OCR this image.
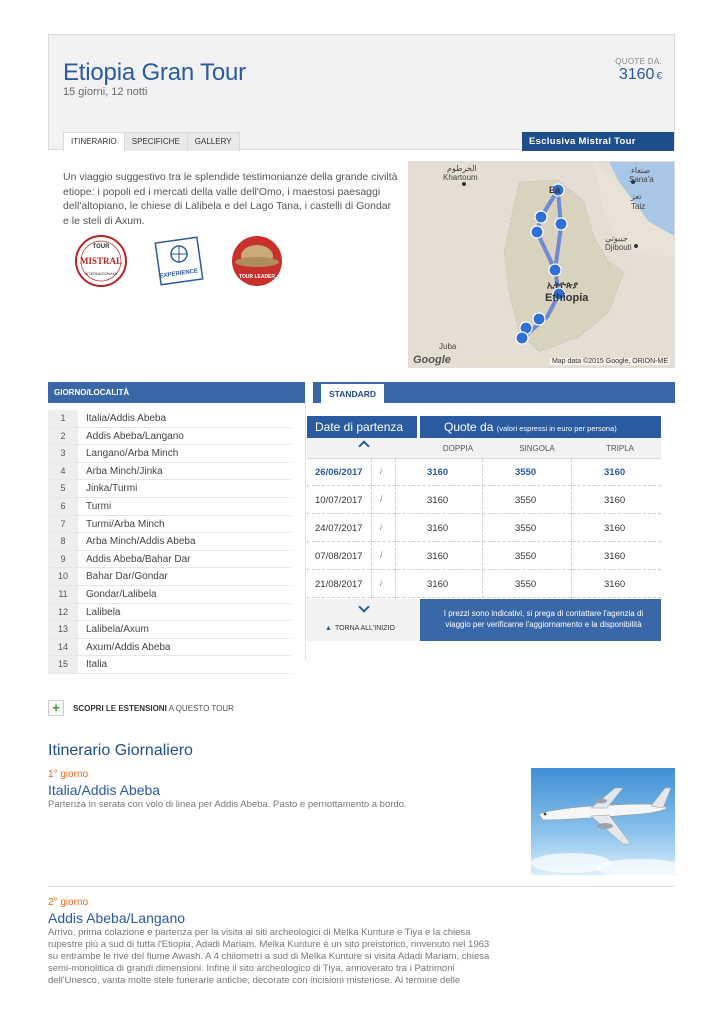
Etiopia Gran Tour
15 giorni, 12 notti
QUOTE DA:
3160 €
ITINERARIO	SPECIFICHE	GALLERY	Esclusiva Mistral Tour
Un viaggio suggestivo tra le splendide testimonianze della grande civiltà etiope: i popoli ed i mercati della valle dell'Omo, i maestosi paesaggi dell'altopiano, le chiese di Lalibela e del Lago Tana, i castelli di Gondar e le steli di Axum.
TOUR
MISTRAL
INTERNAZIONALE	EXPERIENCE	TOUR LEADER
الخرطوم
Khartoum
صنعاء
Sana'a
تعز
Taiz
Ea
جيبوتي
Djibouti
ኢትዮጵያ
Ethiopia
Juba
Google	Map data ©2015 Google, ORION-ME
GIORNO/LOCALITÀ
1	Italia/Addis Abeba
2	Addis Abeba/Langano
3	Langano/Arba Minch
4	Arba Minch/Jinka
5	Jinka/Turmi
6	Turmi
7	Turmi/Arba Minch
8	Arba Minch/Addis Abeba
9	Addis Abeba/Bahar Dar
10	Bahar Dar/Gondar
11	Gondar/Lalibela
12	Lalibela
13	Lalibela/Axum
14	Axum/Addis Abeba
15	Italia
STANDARD
Date di partenza	Quote da (valori espressi in euro per persona)
DOPPIA	SINGOLA	TRIPLA
26/06/2017 i	3160	3550	3160
10/07/2017 i	3160	3550	3160
24/07/2017 i	3160	3550	3160
07/08/2017 i	3160	3550	3160
21/08/2017 i	3160	3550	3160
▲ TORNA ALL'INIZIO
I prezzi sono indicativi, si prega di contattare l'agenzia di viaggio per verificarne l'aggiornamento e la disponibilità
+	SCOPRI LE ESTENSIONI A QUESTO TOUR
Itinerario Giornaliero
1° giorno
Italia/Addis Abeba
Partenza in serata con volo di linea per Addis Abeba. Pasto e pernottamento a bordo.
2° giorno
Addis Abeba/Langano
Arrivo, prima colazione e partenza per la visita ai siti archeologici di Melka Kunture e Tiya e la chiesa
rupestre più a sud di tutta l'Etiopia, Adadi Mariam. Melka Kunture è un sito preistorico, rinvenuto nel 1963
su entrambe le rive del fiume Awash. A 4 chilometri a sud di Melka Kunture si visita Adadi Mariam, chiesa
semi-monolitica di grandi dimensioni. Infine il sito archeologico di Tiya, annoverato tra i Patrimoni
dell'Unesco, vanta molte stele funerarie antiche, decorate con incisioni misteriose. Al termine delle
